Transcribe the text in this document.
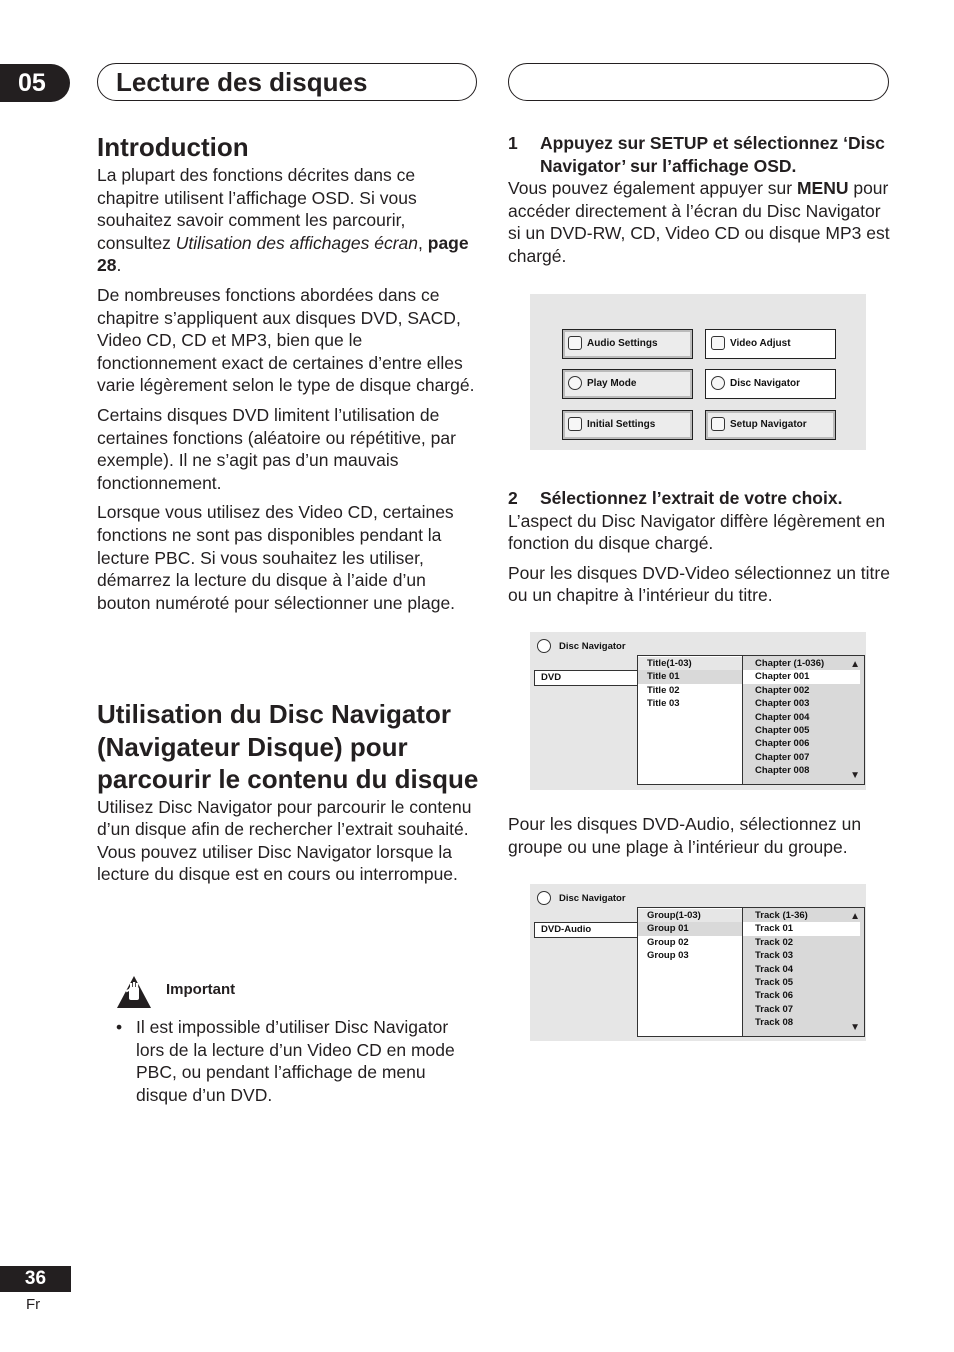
05	Lecture des disques
Introduction

La plupart des fonctions décrites dans ce chapitre utilisent l’affichage OSD. Si vous souhaitez savoir comment les parcourir, consultez Utilisation des affichages écran, page 28.

De nombreuses fonctions abordées dans ce chapitre s’appliquent aux disques DVD, SACD, Video CD, CD et MP3, bien que le fonctionnement exact de certaines d’entre elles varie légèrement selon le type de disque chargé.

Certains disques DVD limitent l’utilisation de certaines fonctions (aléatoire ou répétitive, par exemple). Il ne s’agit pas d’un mauvais fonctionnement.

Lorsque vous utilisez des Video CD, certaines fonctions ne sont pas disponibles pendant la lecture PBC. Si vous souhaitez les utiliser, démarrez la lecture du disque à l’aide d’un bouton numéroté pour sélectionner une plage.

Utilisation du Disc Navigator (Navigateur Disque) pour parcourir le contenu du disque

Utilisez Disc Navigator pour parcourir le contenu d’un disque afin de rechercher l’extrait souhaité. Vous pouvez utiliser Disc Navigator lorsque la lecture du disque est en cours ou interrompue.

Important
• Il est impossible d’utiliser Disc Navigator lors de la lecture d’un Video CD en mode PBC, ou pendant l’affichage de menu disque d’un DVD.
1	Appuyez sur SETUP et sélectionnez ‘Disc Navigator’ sur l’affichage OSD.
Vous pouvez également appuyer sur MENU pour accéder directement à l’écran du Disc Navigator si un DVD-RW, CD, Video CD ou disque MP3 est chargé.
Audio Settings	Video Adjust
Play Mode	Disc Navigator
Initial Settings	Setup Navigator
2	Sélectionnez l’extrait de votre choix.
L’aspect du Disc Navigator diffère légèrement en fonction du disque chargé.
Pour les disques DVD-Video sélectionnez un titre ou un chapitre à l’intérieur du titre.
Disc Navigator
DVD
Title(1-03)
Title 01
Title 02
Title 03
Chapter (1-036)
Chapter 001
Chapter 002
Chapter 003
Chapter 004
Chapter 005
Chapter 006
Chapter 007
Chapter 008
▲
▼
Pour les disques DVD-Audio, sélectionnez un groupe ou une plage à l’intérieur du groupe.
Disc Navigator
DVD-Audio
Group(1-03)
Group 01
Group 02
Group 03
Track (1-36)
Track 01
Track 02
Track 03
Track 04
Track 05
Track 06
Track 07
Track 08
▲
▼
36
Fr
